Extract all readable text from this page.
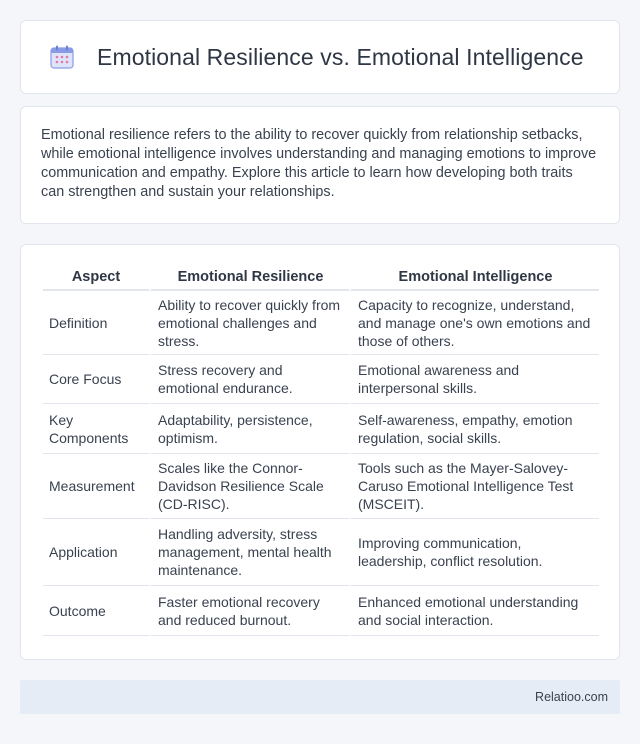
Emotional Resilience vs. Emotional Intelligence

Emotional resilience refers to the ability to recover quickly from relationship setbacks, while emotional intelligence involves understanding and managing emotions to improve communication and empathy. Explore this article to learn how developing both traits can strengthen and sustain your relationships.

Aspect	Emotional Resilience	Emotional Intelligence
Definition	Ability to recover quickly from emotional challenges and stress.	Capacity to recognize, understand, and manage one's own emotions and those of others.
Core Focus	Stress recovery and emotional endurance.	Emotional awareness and interpersonal skills.
Key Components	Adaptability, persistence, optimism.	Self-awareness, empathy, emotion regulation, social skills.
Measurement	Scales like the Connor-Davidson Resilience Scale (CD-RISC).	Tools such as the Mayer-Salovey-Caruso Emotional Intelligence Test (MSCEIT).
Application	Handling adversity, stress management, mental health maintenance.	Improving communication, leadership, conflict resolution.
Outcome	Faster emotional recovery and reduced burnout.	Enhanced emotional understanding and social interaction.
Relatioo.com
